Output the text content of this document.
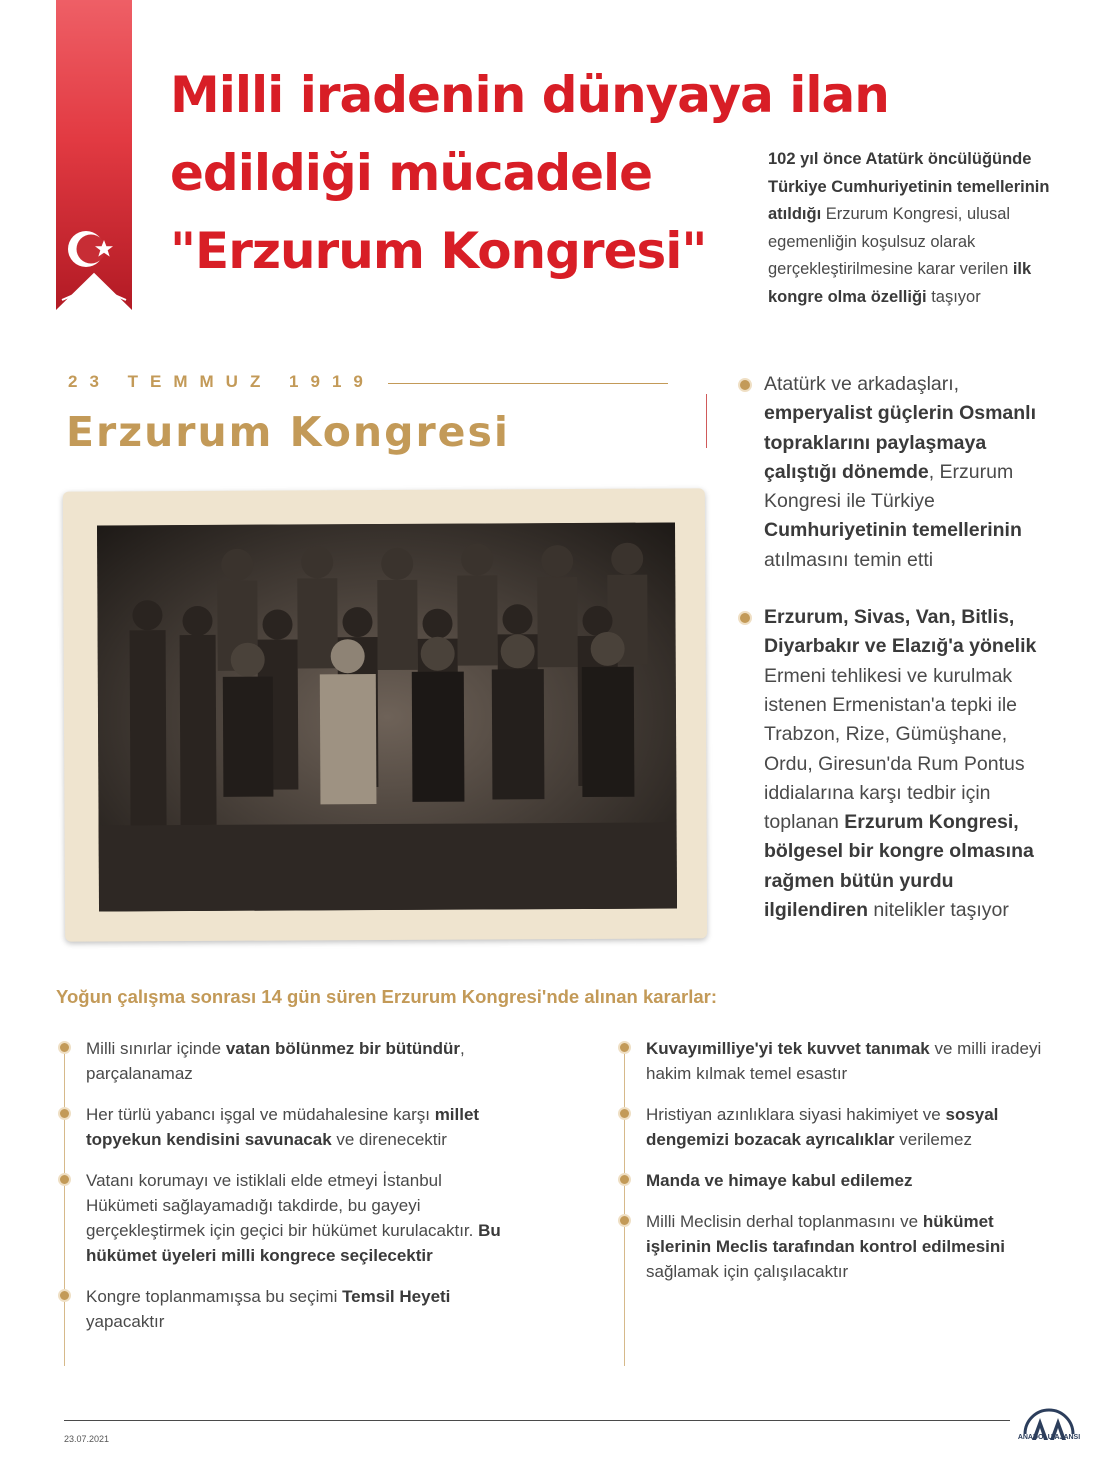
Milli iradenin dünyaya ilan
edildiği mücadele
"Erzurum Kongresi"
102 yıl önce Atatürk öncülüğünde Türkiye Cumhuriyetinin temellerinin atıldığı Erzurum Kongresi, ulusal egemenliğin koşulsuz olarak gerçekleştirilmesine karar verilen ilk kongre olma özelliği taşıyor
23 TEMMUZ 1919
Erzurum Kongresi
Atatürk ve arkadaşları, emperyalist güçlerin Osmanlı topraklarını paylaşmaya çalıştığı dönemde, Erzurum Kongresi ile Türkiye Cumhuriyetinin temellerinin atılmasını temin etti
Erzurum, Sivas, Van, Bitlis, Diyarbakır ve Elazığ'a yönelik Ermeni tehlikesi ve kurulmak istenen Ermenistan'a tepki ile Trabzon, Rize, Gümüşhane, Ordu, Giresun'da Rum Pontus iddialarına karşı tedbir için toplanan Erzurum Kongresi, bölgesel bir kongre olmasına rağmen bütün yurdu ilgilendiren nitelikler taşıyor
Yoğun çalışma sonrası 14 gün süren Erzurum Kongresi'nde alınan kararlar:
Milli sınırlar içinde vatan bölünmez bir bütündür, parçalanamaz
Her türlü yabancı işgal ve müdahalesine karşı millet topyekun kendisini savunacak ve direnecektir
Vatanı korumayı ve istiklali elde etmeyi İstanbul Hükümeti sağlayamadığı takdirde, bu gayeyi gerçekleştirmek için geçici bir hükümet kurulacaktır. Bu hükümet üyeleri milli kongrece seçilecektir
Kongre toplanmamışsa bu seçimi Temsil Heyeti yapacaktır
Kuvayımilliye'yi tek kuvvet tanımak ve milli iradeyi hakim kılmak temel esastır
Hristiyan azınlıklara siyasi hakimiyet ve sosyal dengemizi bozacak ayrıcalıklar verilemez
Manda ve himaye kabul edilemez
Milli Meclisin derhal toplanmasını ve hükümet işlerinin Meclis tarafından kontrol edilmesini sağlamak için çalışılacaktır
23.07.2021	ANADOLU AJANSI
